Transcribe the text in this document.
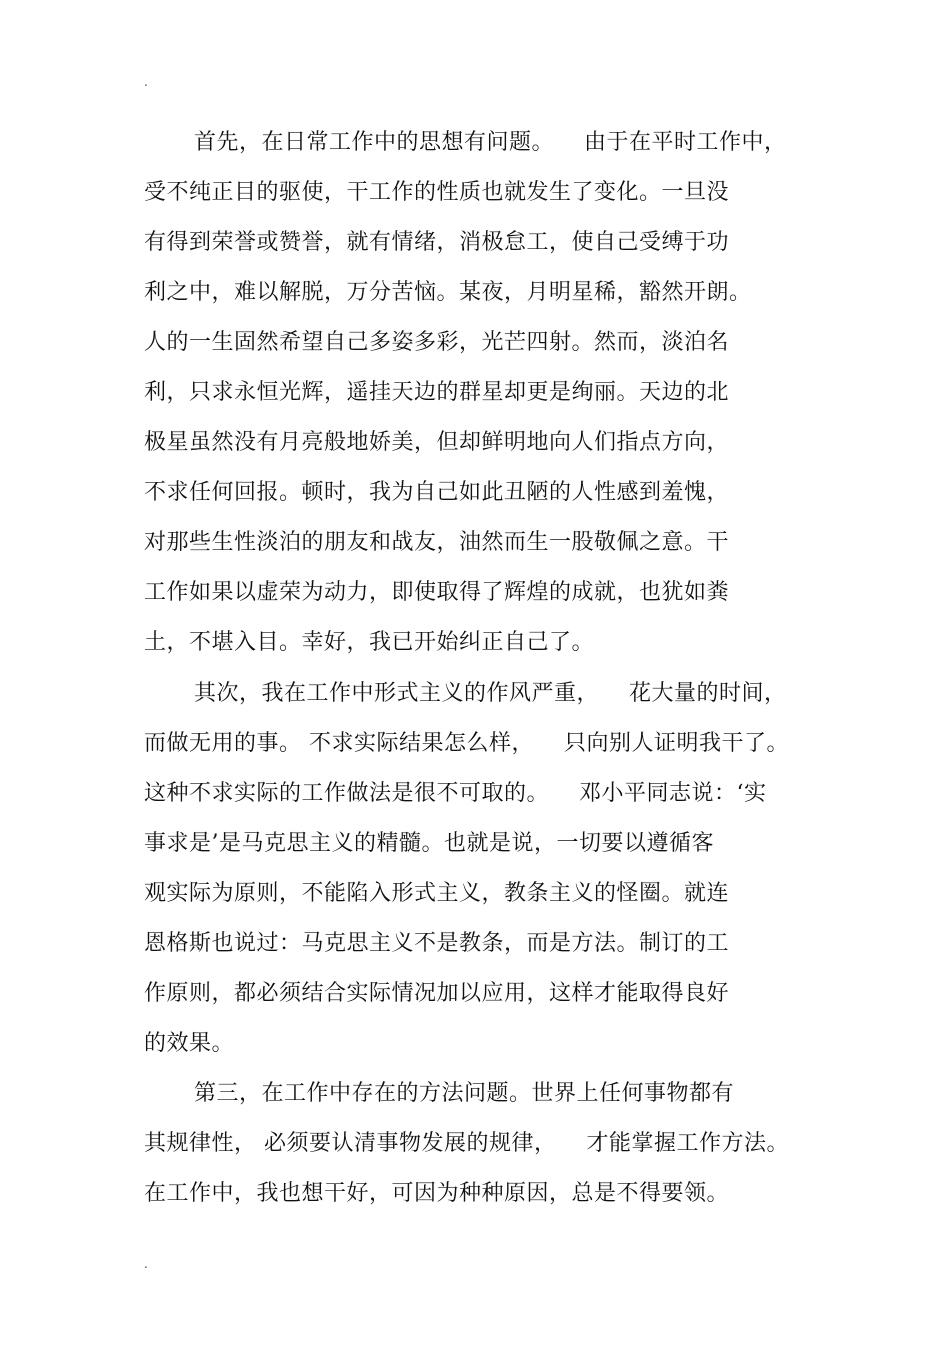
.
首先，在日常工作中的思想有问题。    由于在平时工作中，
受不纯正目的驱使，干工作的性质也就发生了变化。一旦没
有得到荣誉或赞誉，就有情绪，消极怠工，使自己受缚于功
利之中，难以解脱，万分苦恼。某夜，月明星稀，豁然开朗。
人的一生固然希望自己多姿多彩，光芒四射。然而，淡泊名
利，只求永恒光辉，遥挂天边的群星却更是绚丽。天边的北
极星虽然没有月亮般地娇美，但却鲜明地向人们指点方向，
不求任何回报。顿时，我为自己如此丑陋的人性感到羞愧，
对那些生性淡泊的朋友和战友，油然而生一股敬佩之意。干
工作如果以虚荣为动力，即使取得了辉煌的成就，也犹如粪
土，不堪入目。幸好，我已开始纠正自己了。
其次，我在工作中形式主义的作风严重，    花大量的时间，
而做无用的事。 不求实际结果怎么样，    只向别人证明我干了。
这种不求实际的工作做法是很不可取的。    邓小平同志说：‘实
事求是’是马克思主义的精髓。也就是说，一切要以遵循客
观实际为原则，不能陷入形式主义，教条主义的怪圈。就连
恩格斯也说过：马克思主义不是教条，而是方法。制订的工
作原则，都必须结合实际情况加以应用，这样才能取得良好
的效果。
第三，在工作中存在的方法问题。世界上任何事物都有
其规律性， 必须要认清事物发展的规律，    才能掌握工作方法。
在工作中，我也想干好，可因为种种原因，总是不得要领。
.
